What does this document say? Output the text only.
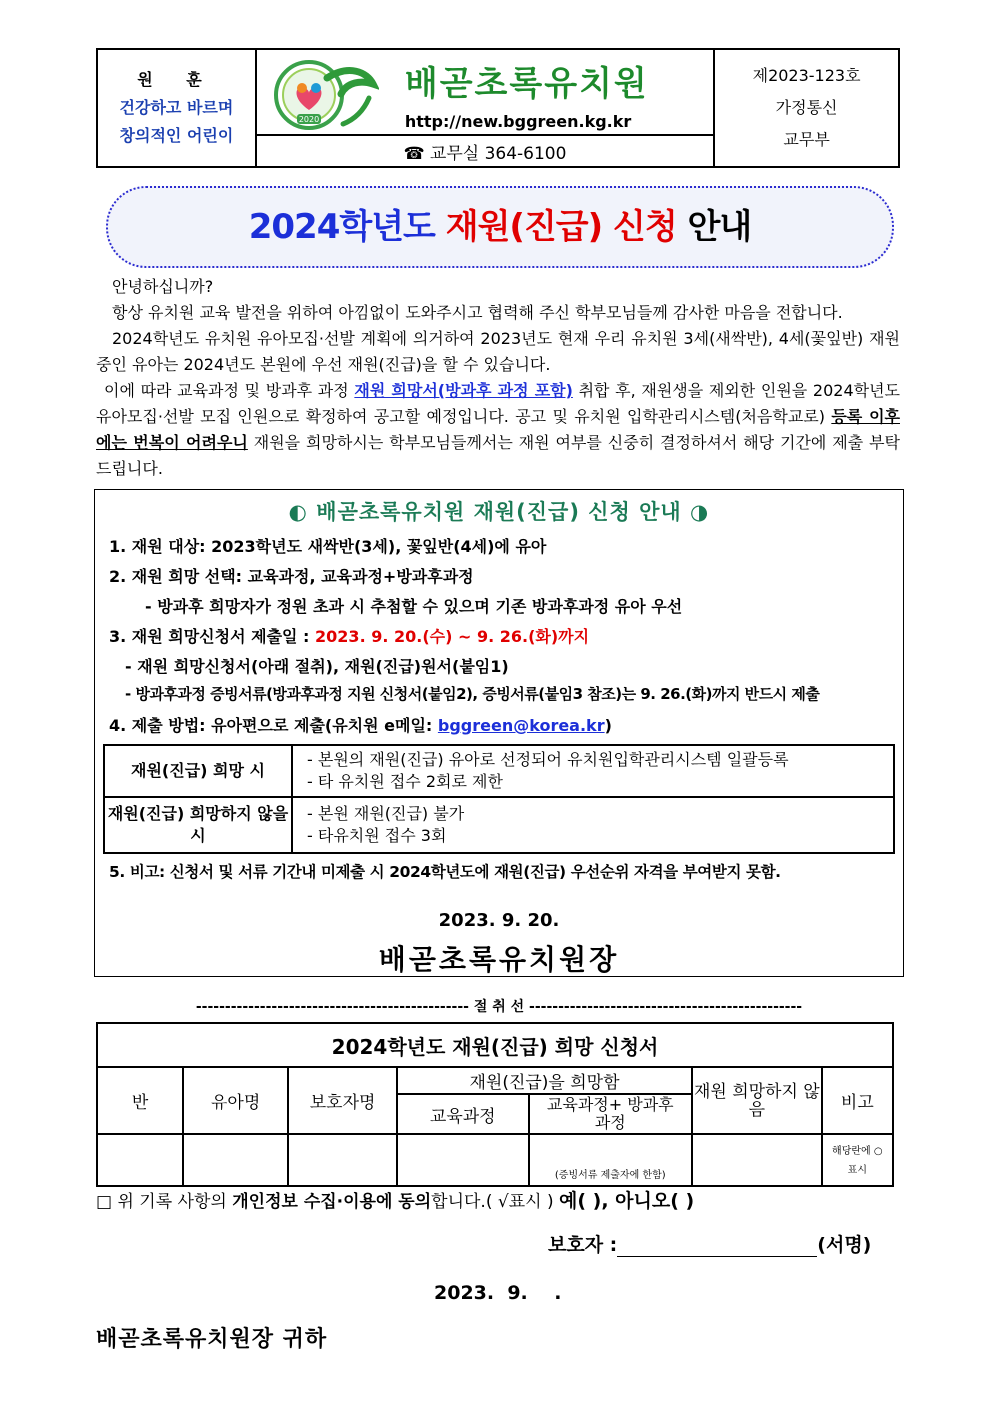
원 훈
건강하고 바르며
창의적인 어린이

2020
배곧초록유치원
http://new.bggreen.kg.kr

제2023-123호
가정통신
교무부

☎ 교무실 364-6100
2024학년도 재원(진급) 신청 안내

안녕하십니까?

항상 유치원 교육 발전을 위하여 아낌없이 도와주시고 협력해 주신 학부모님들께 감사한 마음을 전합니다.

2024학년도 유치원 유아모집·선발 계획에 의거하여 2023년도 현재 우리 유치원 3세(새싹반), 4세(꽃잎반) 재원 중인 유아는 2024년도 본원에 우선 재원(진급)을 할 수 있습니다.

이에 따라 교육과정 및 방과후 과정 재원 희망서(방과후 과정 포함) 취합 후, 재원생을 제외한 인원을 2024학년도 유아모집·선발 모집 인원으로 확정하여 공고할 예정입니다. 공고 및 유치원 입학관리시스템(처음학교로) 등록 이후에는 번복이 어려우니 재원을 희망하시는 학부모님들께서는 재원 여부를 신중히 결정하셔서 해당 기간에 제출 부탁드립니다.

◐ 배곧초록유치원 재원(진급) 신청 안내 ◑
1. 재원 대상: 2023학년도 새싹반(3세), 꽃잎반(4세)에 유아
2. 재원 희망 선택: 교육과정, 교육과정+방과후과정
- 방과후 희망자가 정원 초과 시 추첨할 수 있으며 기존 방과후과정 유아 우선
3. 재원 희망신청서 제출일 : 2023. 9. 20.(수) ~ 9. 26.(화)까지
- 재원 희망신청서(아래 절취), 재원(진급)원서(붙임1)
- 방과후과정 증빙서류(방과후과정 지원 신청서(붙임2), 증빙서류(붙임3 참조)는 9. 26.(화)까지 반드시 제출
4. 제출 방법: 유아편으로 제출(유치원 e메일: bggreen@korea.kr)
재원(진급) 희망 시	- 본원의 재원(진급) 유아로 선정되어 유치원입학관리시스템 일괄등록
- 타 유치원 접수 2회로 제한

재원(진급) 희망하지 않을 시	- 본원 재원(진급) 불가
- 타유치원 접수 3회
5. 비고: 신청서 및 서류 기간내 미제출 시 2024학년도에 재원(진급) 우선순위 자격을 부여받지 못함.
2023. 9. 20.
배곧초록유치원장
----------------------------------------------- 절 취 선 -----------------------------------------------
2024학년도 재원(진급) 희망 신청서						
반	유아명	보호자명	재원(진급)을 희망함		재원 희망하지 않음	비고
			교육과정	교육과정+ 방과후과정		
				(증빙서류 제출자에 한함)		해당란에 ○표시
□ 위 기록 사항의 개인정보 수집·이용에 동의합니다.( √표시 ) 예( ), 아니오( )
보호자 :	(서명)
2023.  9.    .
배곧초록유치원장 귀하
